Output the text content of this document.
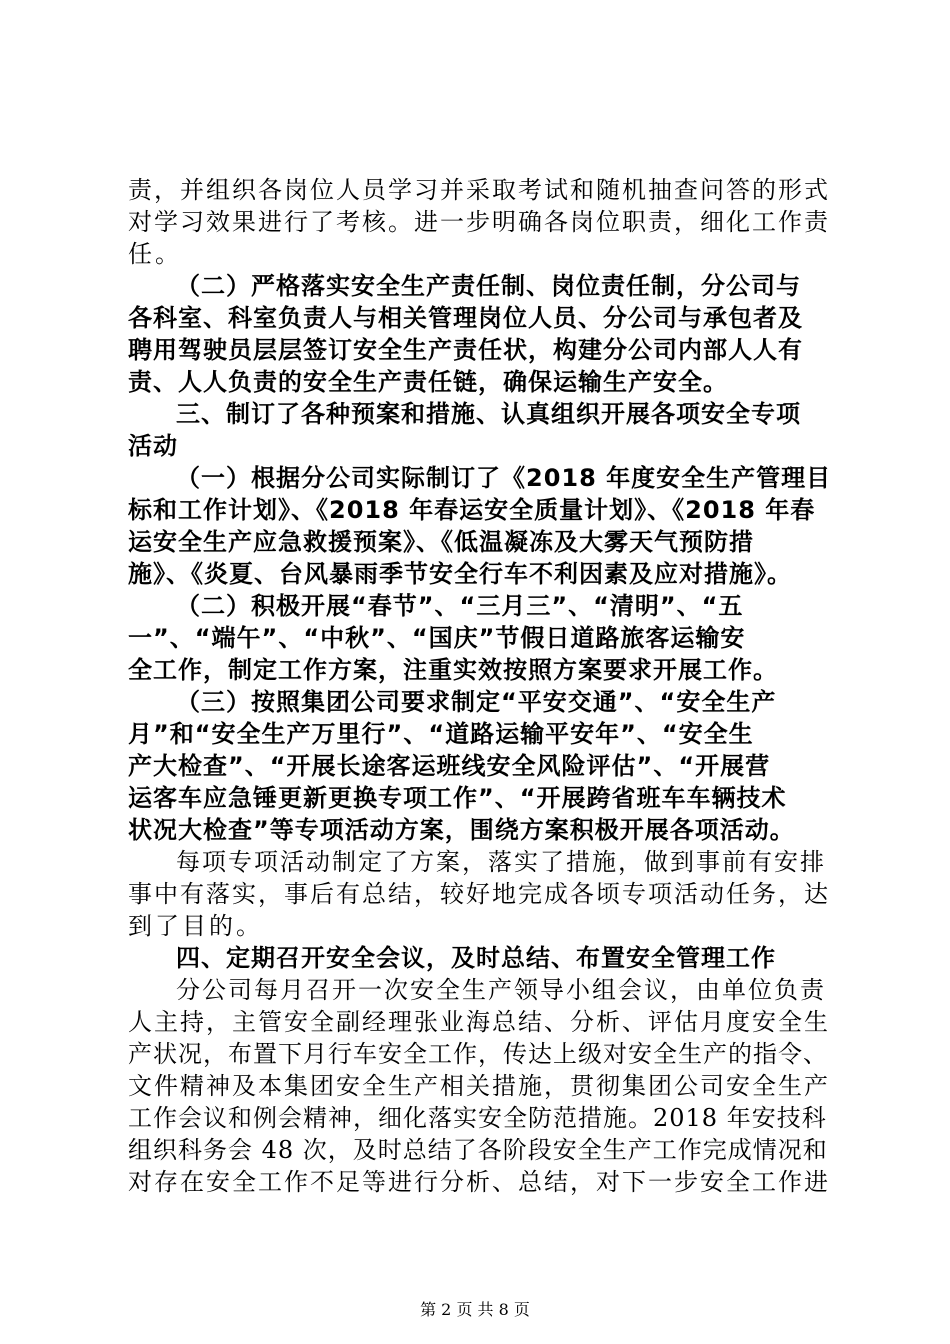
责，并组织各岗位人员学习并采取考试和随机抽查问答的形式
对学习效果进行了考核。进一步明确各岗位职责，细化工作责
任。
（二）严格落实安全生产责任制、岗位责任制，分公司与
各科室、科室负责人与相关管理岗位人员、分公司与承包者及
聘用驾驶员层层签订安全生产责任状，构建分公司内部人人有
责、人人负责的安全生产责任链，确保运输生产安全。
三、制订了各种预案和措施、认真组织开展各项安全专项
活动
（一）根据分公司实际制订了《2018 年度安全生产管理目
标和工作计划》、《2018 年春运安全质量计划》、《2018 年春
运安全生产应急救援预案》、《低温凝冻及大雾天气预防措
施》、《炎夏、台风暴雨季节安全行车不利因素及应对措施》。
（二）积极开展“春节”、“三月三”、“清明”、“五
一”、“端午”、“中秋”、“国庆”节假日道路旅客运输安
全工作，制定工作方案，注重实效按照方案要求开展工作。
（三）按照集团公司要求制定“平安交通”、“安全生产
月”和“安全生产万里行”、“道路运输平安年”、“安全生
产大检查”、“开展长途客运班线安全风险评估”、“开展营
运客车应急锤更新更换专项工作”、“开展跨省班车车辆技术
状况大检查”等专项活动方案，围绕方案积极开展各项活动。
每项专项活动制定了方案，落实了措施，做到事前有安排
事中有落实，事后有总结，较好地完成各顷专项活动任务，达
到了目的。
四、定期召开安全会议，及时总结、布置安全管理工作
分公司每月召开一次安全生产领导小组会议，由单位负责
人主持，主管安全副经理张业海总结、分析、评估月度安全生
产状况，布置下月行车安全工作，传达上级对安全生产的指令、
文件精神及本集团安全生产相关措施，贯彻集团公司安全生产
工作会议和例会精神，细化落实安全防范措施。2018 年安技科
组织科务会 48 次，及时总结了各阶段安全生产工作完成情况和
对存在安全工作不足等进行分析、总结，对下一步安全工作进
第 2 页 共 8 页
